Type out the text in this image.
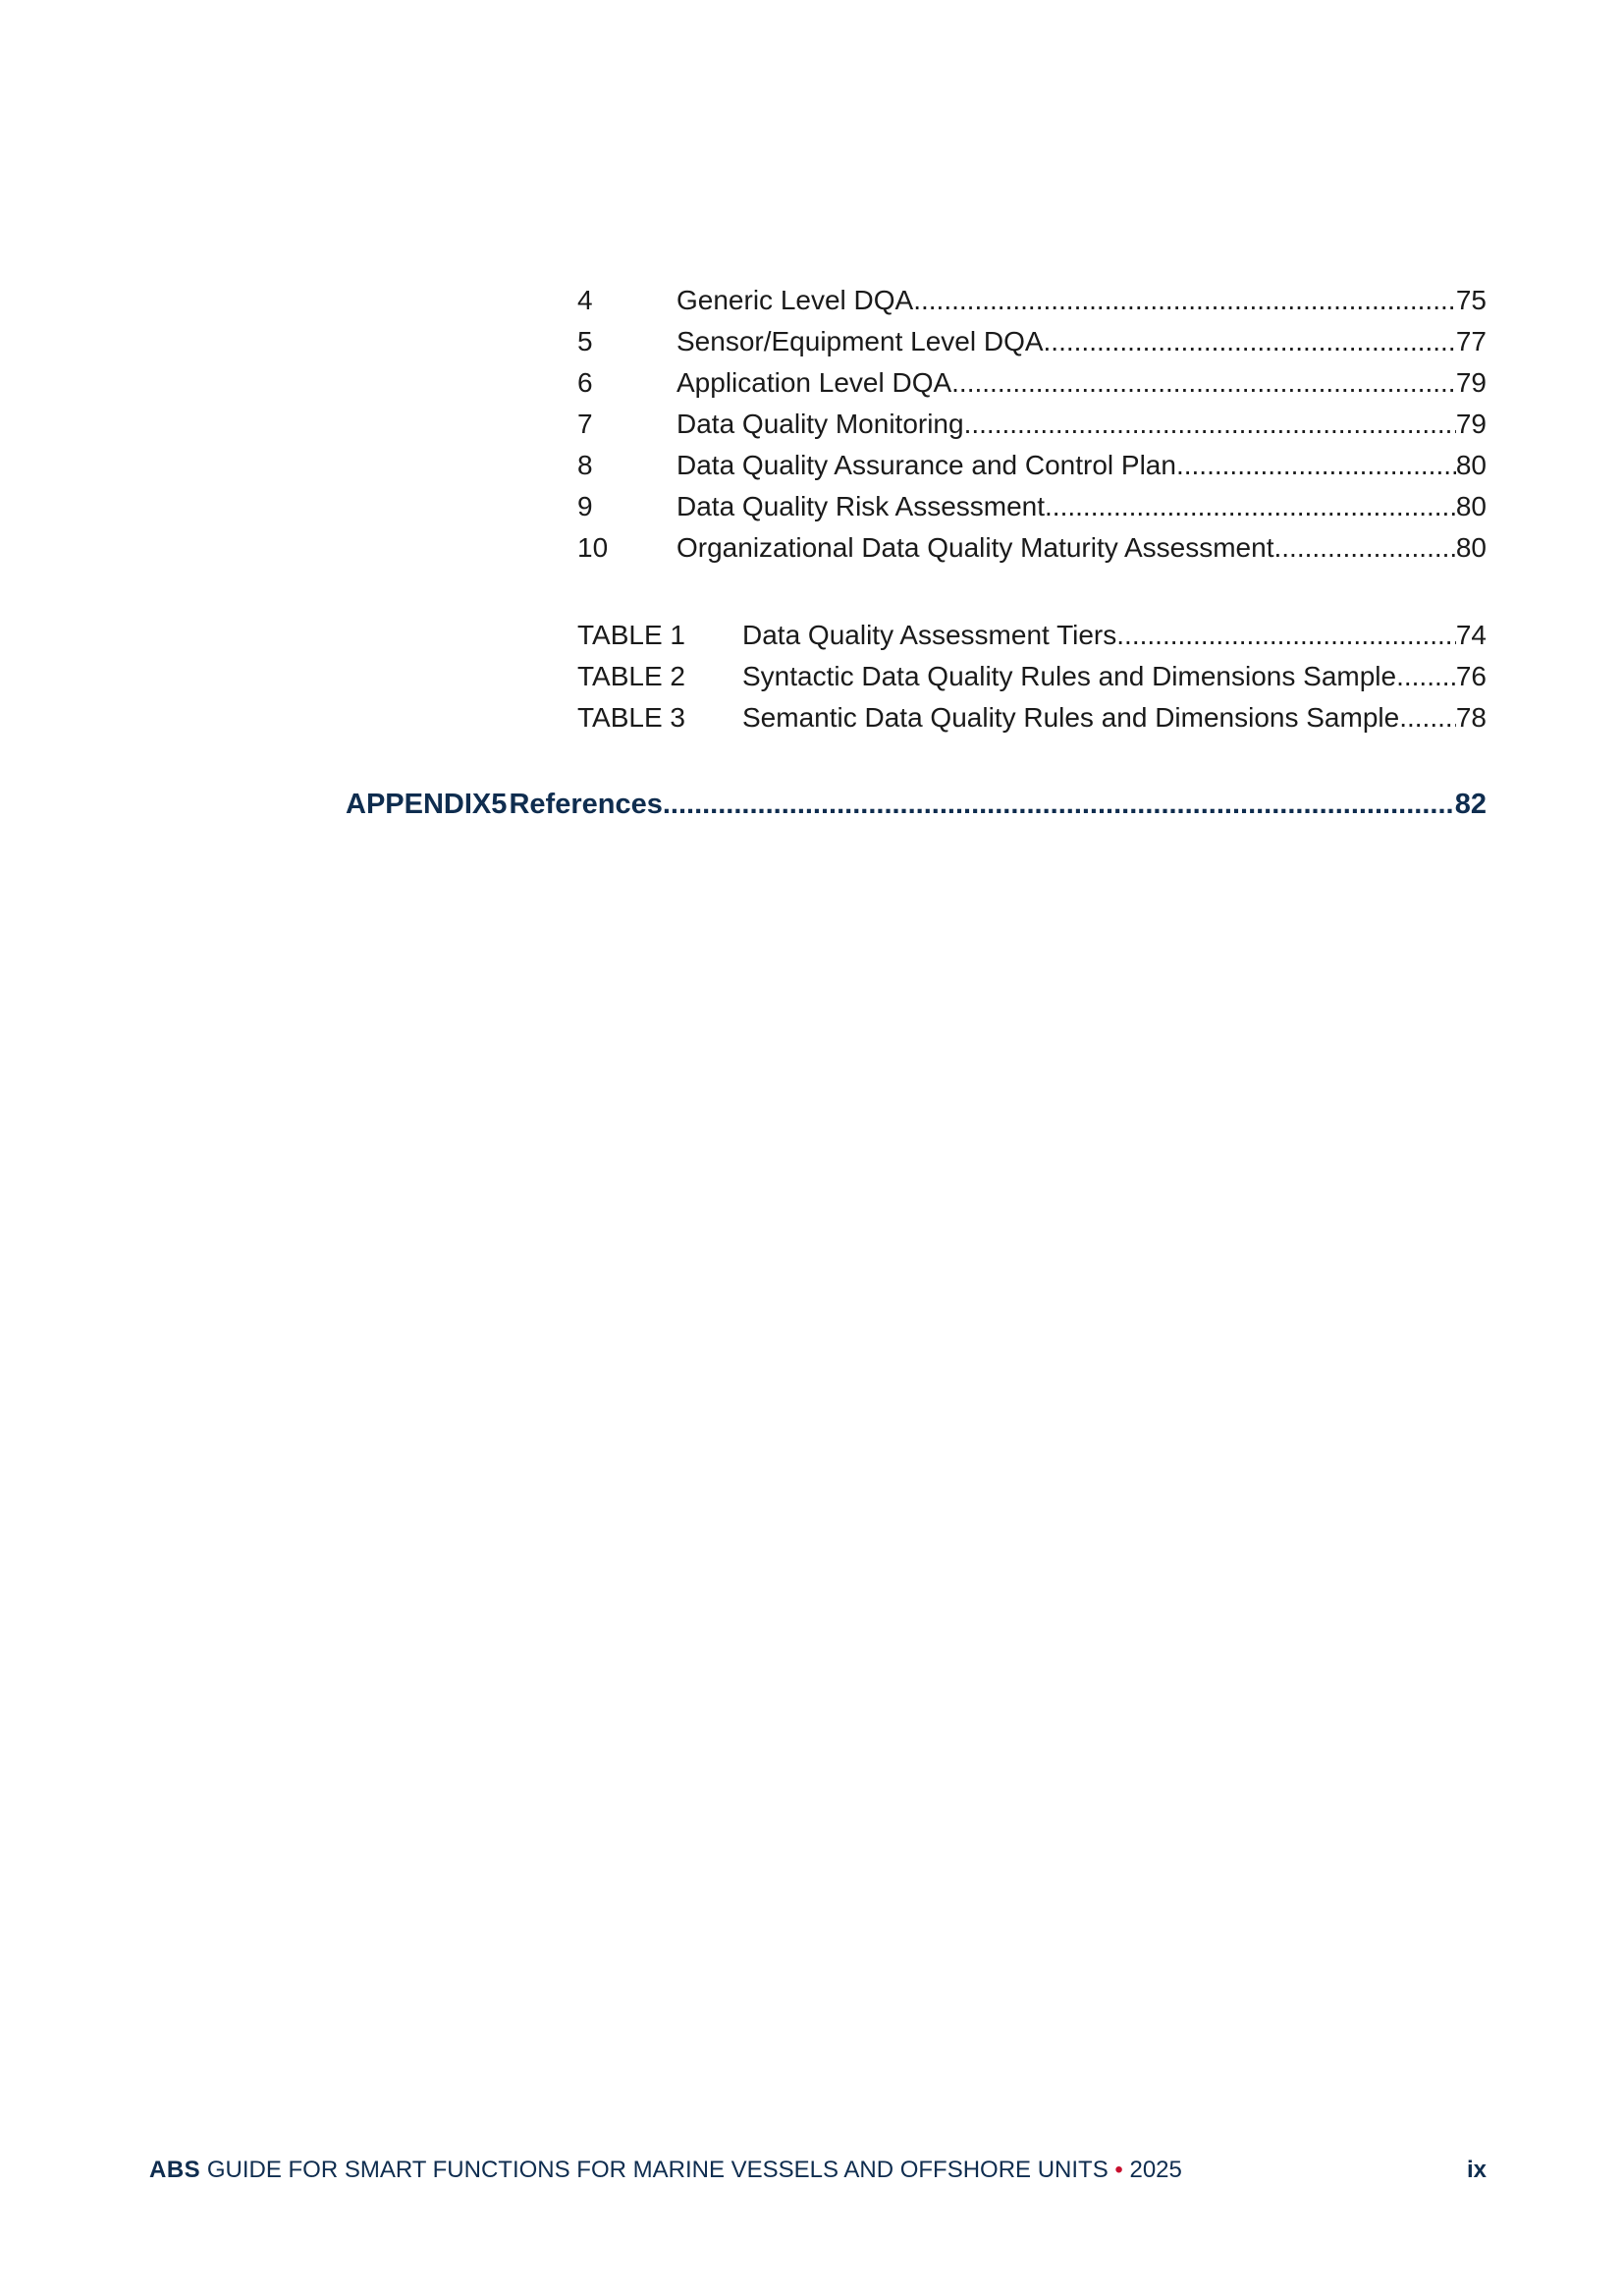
4	Generic Level DQA .....	75
5	Sensor/Equipment Level DQA .....	77
6	Application Level DQA .....	79
7	Data Quality Monitoring .....	79
8	Data Quality Assurance and Control Plan .....	80
9	Data Quality Risk Assessment .....	80
10	Organizational Data Quality Maturity Assessment .....	80
TABLE 1	Data Quality Assessment Tiers .....	74
TABLE 2	Syntactic Data Quality Rules and Dimensions Sample ..... 76
TABLE 3	Semantic Data Quality Rules and Dimensions Sample ..... 78
APPENDIX 5 References .....	82
ABS GUIDE FOR SMART FUNCTIONS FOR MARINE VESSELS AND OFFSHORE UNITS • 2025	ix
